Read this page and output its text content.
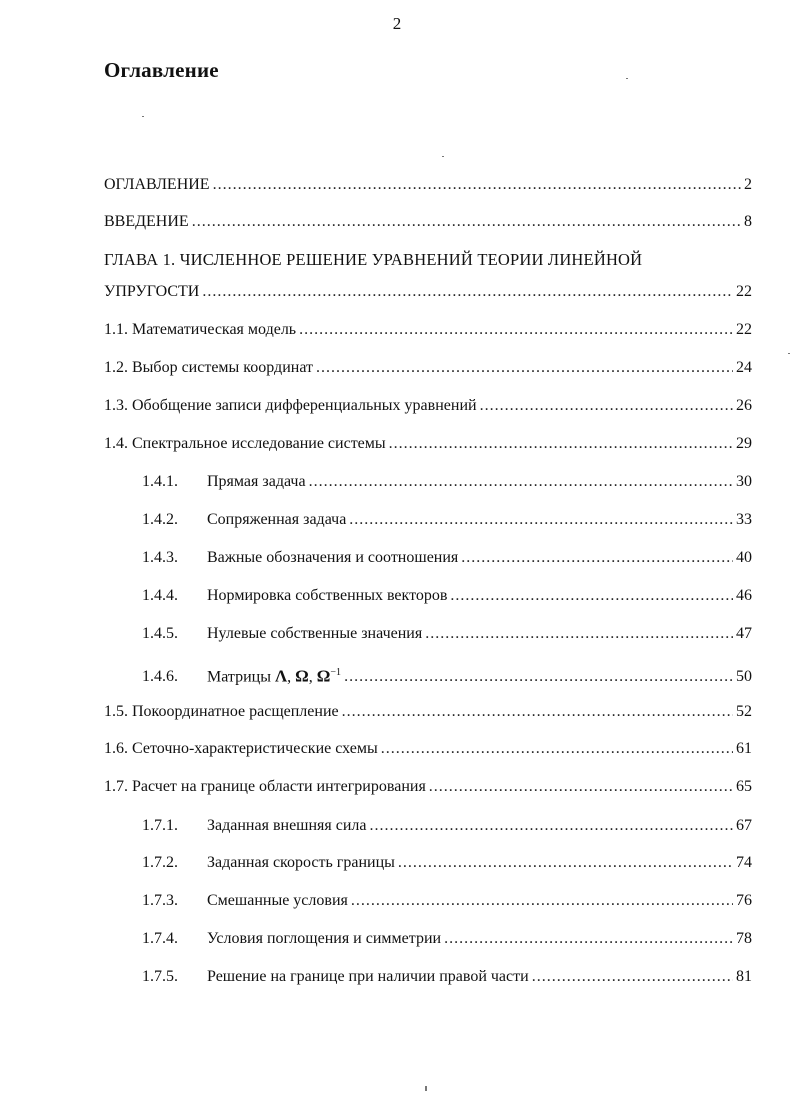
2
Оглавление
ОГЛАВЛЕНИЕ .....	2
ВВЕДЕНИЕ .....	8
ГЛАВА 1. ЧИСЛЕННОЕ РЕШЕНИЕ УРАВНЕНИЙ ТЕОРИИ ЛИНЕЙНОЙ
УПРУГОСТИ .....	22
1.1. Математическая модель .....	22
1.2. Выбор системы координат .....	24
1.3. Обобщение записи дифференциальных уравнений .....	26
1.4. Спектральное исследование системы .....	29
1.4.1.	Прямая задача .....	30
1.4.2.	Сопряженная задача .....	33
1.4.3.	Важные обозначения и соотношения .....	40
1.4.4.	Нормировка собственных векторов .....	46
1.4.5.	Нулевые собственные значения .....	47
1.4.6.	Матрицы Λ, Ω, $\Omega^{-1}$ .....	50
1.5. Покоординатное расщепление .....	52
1.6. Сеточно-характеристические схемы .....	61
1.7. Расчет на границе области интегрирования .....	65
1.7.1.	Заданная внешняя сила .....	67
1.7.2.	Заданная скорость границы .....	74
1.7.3.	Смешанные условия .....	76
1.7.4.	Условия поглощения и симметрии .....	78
1.7.5.	Решение на границе при наличии правой части .....	81
